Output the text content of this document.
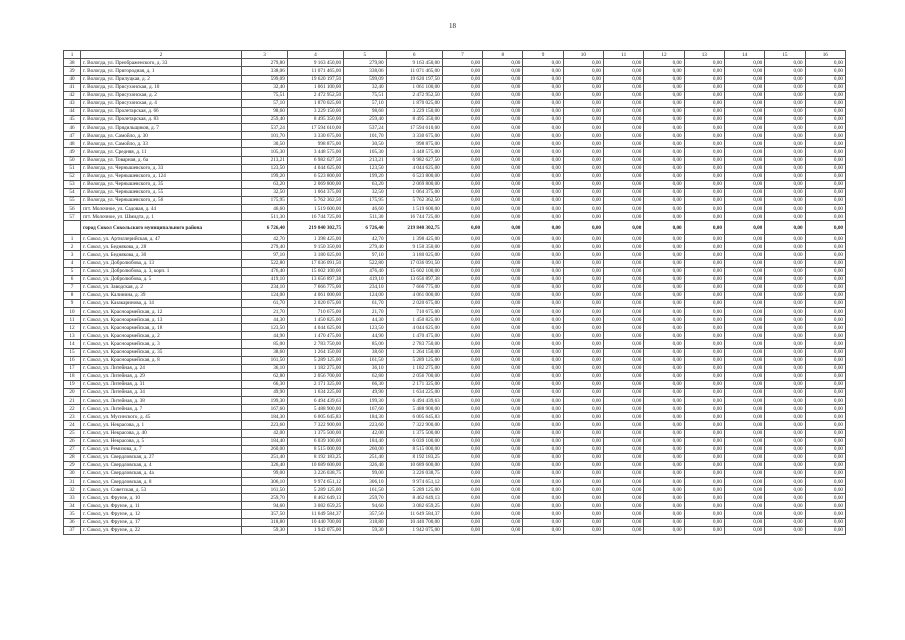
18
1	2	3	4	5	6	7	8	9	10	11	12	13	14	15	16
38	г. Вологда, ул. Преображенского, д. 33	279,80	9 163 450,00	279,80	9 163 450,00	0,00	0,00	0,00	0,00	0,00	0,00	0,00	0,00	0,00	0,00
39	г. Вологда, ул. Пригородная, д. 1	338,06	11 071 465,00	338,06	11 071 465,00	0,00	0,00	0,00	0,00	0,00	0,00	0,00	0,00	0,00	0,00
40	г. Вологда, ул. Прилуцкая, д. 2	599,09	19 620 197,50	599,09	19 620 197,50	0,00	0,00	0,00	0,00	0,00	0,00	0,00	0,00	0,00	0,00
41	г. Вологда, ул. Присухонская, д. 10	32,40	1 061 100,00	32,40	1 061 100,00	0,00	0,00	0,00	0,00	0,00	0,00	0,00	0,00	0,00	0,00
42	г. Вологда, ул. Присухонская, д. 2	75,51	2 472 952,50	75,51	2 472 952,50	0,00	0,00	0,00	0,00	0,00	0,00	0,00	0,00	0,00	0,00
43	г. Вологда, ул. Присухонская, д. 4	57,10	1 870 025,00	57,10	1 870 025,00	0,00	0,00	0,00	0,00	0,00	0,00	0,00	0,00	0,00	0,00
44	г. Вологда, ул. Пролетарская, д. 66	98,60	3 229 150,00	98,60	3 229 150,00	0,00	0,00	0,00	0,00	0,00	0,00	0,00	0,00	0,00	0,00
45	г. Вологда, ул. Пролетарская, д. 83	259,40	8 495 350,00	259,40	8 495 350,00	0,00	0,00	0,00	0,00	0,00	0,00	0,00	0,00	0,00	0,00
46	г. Вологда, ул. Прядильщиков, д. 7	537,24	17 594 610,00	537,24	17 594 610,00	0,00	0,00	0,00	0,00	0,00	0,00	0,00	0,00	0,00	0,00
47	г. Вологда, ул. Самойло, д. 30	101,70	3 330 675,00	101,70	3 330 675,00	0,00	0,00	0,00	0,00	0,00	0,00	0,00	0,00	0,00	0,00
48	г. Вологда, ул. Самойло, д. 33	30,50	998 875,00	30,50	998 875,00	0,00	0,00	0,00	0,00	0,00	0,00	0,00	0,00	0,00	0,00
49	г. Вологда, ул. Средняя, д. 11	105,30	3 448 575,00	105,30	3 448 575,00	0,00	0,00	0,00	0,00	0,00	0,00	0,00	0,00	0,00	0,00
50	г. Вологда, ул. Товарная, д. 6а	213,21	6 982 627,50	213,21	6 982 627,50	0,00	0,00	0,00	0,00	0,00	0,00	0,00	0,00	0,00	0,00
51	г. Вологда, ул. Чернышевского, д. 33	123,50	4 044 625,00	123,50	4 044 625,00	0,00	0,00	0,00	0,00	0,00	0,00	0,00	0,00	0,00	0,00
52	г. Вологда, ул. Чернышевского, д. 124	199,20	6 523 800,00	199,20	6 523 800,00	0,00	0,00	0,00	0,00	0,00	0,00	0,00	0,00	0,00	0,00
53	г. Вологда, ул. Чернышевского, д. 35	63,20	2 069 800,00	63,20	2 069 800,00	0,00	0,00	0,00	0,00	0,00	0,00	0,00	0,00	0,00	0,00
54	г. Вологда, ул. Чернышевского, д. 55	32,50	1 064 375,00	32,50	1 064 375,00	0,00	0,00	0,00	0,00	0,00	0,00	0,00	0,00	0,00	0,00
55	г. Вологда, ул. Чернышевского, д. 56	175,95	5 762 362,50	175,95	5 762 362,50	0,00	0,00	0,00	0,00	0,00	0,00	0,00	0,00	0,00	0,00
56	пгт. Молочное, ул. Садовая, д. 44	46,60	1 519 600,00	46,60	1 519 600,00	0,00	0,00	0,00	0,00	0,00	0,00	0,00	0,00	0,00	0,00
57	пгт. Молочное, ул. Шмидта, д. 1	511,30	16 744 725,00	511,30	16 744 725,00	0,00	0,00	0,00	0,00	0,00	0,00	0,00	0,00	0,00	0,00
	город Сокол Сокольского муниципального района	6 726,40	219 840 302,75	6 726,40	219 840 302,75	0,00	0,00	0,00	0,00	0,00	0,00	0,00	0,00	0,00	0,00
1	г. Сокол, ул. Артиллерийская, д. 47	42,70	1 398 425,00	42,70	1 398 425,00	0,00	0,00	0,00	0,00	0,00	0,00	0,00	0,00	0,00	0,00
2	г. Сокол, ул. Беднякова, д. 28	279,40	9 150 350,00	279,40	9 150 350,00	0,00	0,00	0,00	0,00	0,00	0,00	0,00	0,00	0,00	0,00
3	г. Сокол, ул. Беднякова, д. 30	97,10	3 180 025,00	97,10	3 180 025,00	0,00	0,00	0,00	0,00	0,00	0,00	0,00	0,00	0,00	0,00
4	г. Сокол, ул. Добролюбова, д. 13	522,80	17 036 091,50	522,80	17 036 091,50	0,00	0,00	0,00	0,00	0,00	0,00	0,00	0,00	0,00	0,00
5	г. Сокол, ул. Добролюбова, д. 3, корп. 1	476,40	15 602 100,00	476,40	15 602 100,00	0,00	0,00	0,00	0,00	0,00	0,00	0,00	0,00	0,00	0,00
6	г. Сокол, ул. Добролюбова, д. 5	419,10	13 656 897,38	419,10	13 656 897,38	0,00	0,00	0,00	0,00	0,00	0,00	0,00	0,00	0,00	0,00
7	г. Сокол, ул. Заводская, д. 2	234,10	7 666 775,00	234,10	7 666 775,00	0,00	0,00	0,00	0,00	0,00	0,00	0,00	0,00	0,00	0,00
8	г. Сокол, ул. Калинина, д. 39	124,00	4 061 000,00	124,00	4 061 000,00	0,00	0,00	0,00	0,00	0,00	0,00	0,00	0,00	0,00	0,00
9	г. Сокол, ул. Казакаринова, д. 14	61,70	2 020 675,00	61,70	2 020 675,00	0,00	0,00	0,00	0,00	0,00	0,00	0,00	0,00	0,00	0,00
10	г. Сокол, ул. Красноармейская, д. 12	21,70	710 675,00	21,70	710 675,00	0,00	0,00	0,00	0,00	0,00	0,00	0,00	0,00	0,00	0,00
11	г. Сокол, ул. Красноармейская, д. 13	44,30	1 450 825,00	44,30	1 450 825,00	0,00	0,00	0,00	0,00	0,00	0,00	0,00	0,00	0,00	0,00
12	г. Сокол, ул. Красноармейская, д. 18	123,50	4 044 625,00	123,50	4 044 625,00	0,00	0,00	0,00	0,00	0,00	0,00	0,00	0,00	0,00	0,00
13	г. Сокол, ул. Красноармейская, д. 2	44,90	1 470 475,00	44,90	1 470 475,00	0,00	0,00	0,00	0,00	0,00	0,00	0,00	0,00	0,00	0,00
14	г. Сокол, ул. Красноармейская, д. 3	85,00	2 783 750,00	85,00	2 783 750,00	0,00	0,00	0,00	0,00	0,00	0,00	0,00	0,00	0,00	0,00
15	г. Сокол, ул. Красноармейская, д. 35	38,60	1 264 150,00	38,60	1 264 150,00	0,00	0,00	0,00	0,00	0,00	0,00	0,00	0,00	0,00	0,00
16	г. Сокол, ул. Красноармейская, д. 8	161,50	5 289 125,00	161,50	5 289 125,00	0,00	0,00	0,00	0,00	0,00	0,00	0,00	0,00	0,00	0,00
17	г. Сокол, ул. Литейная, д. 24	36,10	1 182 275,00	36,10	1 182 275,00	0,00	0,00	0,00	0,00	0,00	0,00	0,00	0,00	0,00	0,00
18	г. Сокол, ул. Литейная, д. 29	62,80	2 056 700,00	62,80	2 056 700,00	0,00	0,00	0,00	0,00	0,00	0,00	0,00	0,00	0,00	0,00
19	г. Сокол, ул. Литейная, д. 31	66,30	2 171 325,00	66,30	2 171 325,00	0,00	0,00	0,00	0,00	0,00	0,00	0,00	0,00	0,00	0,00
20	г. Сокол, ул. Литейная, д. 34	49,90	1 634 225,00	49,90	1 634 225,00	0,00	0,00	0,00	0,00	0,00	0,00	0,00	0,00	0,00	0,00
21	г. Сокол, ул. Литейная, д. 38	199,30	6 494 439,63	199,30	6 494 439,63	0,00	0,00	0,00	0,00	0,00	0,00	0,00	0,00	0,00	0,00
22	г. Сокол, ул. Литейная, д. 7	167,60	5 488 900,00	167,60	5 488 900,00	0,00	0,00	0,00	0,00	0,00	0,00	0,00	0,00	0,00	0,00
23	г. Сокол, ул. Мусинского, д. 45	184,30	6 005 645,83	184,30	6 005 645,83	0,00	0,00	0,00	0,00	0,00	0,00	0,00	0,00	0,00	0,00
24	г. Сокол, ул. Некрасова, д. 1	223,60	7 322 900,00	223,60	7 322 900,00	0,00	0,00	0,00	0,00	0,00	0,00	0,00	0,00	0,00	0,00
25	г. Сокол, ул. Некрасова, д. 40	42,00	1 375 500,00	42,00	1 375 500,00	0,00	0,00	0,00	0,00	0,00	0,00	0,00	0,00	0,00	0,00
26	г. Сокол, ул. Некрасова, д. 5	184,40	6 039 100,00	184,40	6 039 100,00	0,00	0,00	0,00	0,00	0,00	0,00	0,00	0,00	0,00	0,00
27	г. Сокол, ул. Ремизова, д. 7	260,00	8 515 000,00	260,00	8 515 000,00	0,00	0,00	0,00	0,00	0,00	0,00	0,00	0,00	0,00	0,00
28	г. Сокол, ул. Свердловская, д. 27	251,40	8 192 183,25	251,40	8 192 183,25	0,00	0,00	0,00	0,00	0,00	0,00	0,00	0,00	0,00	0,00
29	г. Сокол, ул. Свердловская, д. 4	326,40	10 689 600,00	326,40	10 689 600,00	0,00	0,00	0,00	0,00	0,00	0,00	0,00	0,00	0,00	0,00
30	г. Сокол, ул. Свердловская, д. 4а	99,00	3 226 038,75	99,00	3 226 038,75	0,00	0,00	0,00	0,00	0,00	0,00	0,00	0,00	0,00	0,00
31	г. Сокол, ул. Свердловская, д. 8	306,10	9 974 651,12	306,10	9 974 651,12	0,00	0,00	0,00	0,00	0,00	0,00	0,00	0,00	0,00	0,00
32	г. Сокол, ул. Советская, д. 53	161,50	5 289 125,00	161,50	5 289 125,00	0,00	0,00	0,00	0,00	0,00	0,00	0,00	0,00	0,00	0,00
33	г. Сокол, ул. Фрунзе, д. 10	259,70	8 462 649,13	259,70	8 462 649,13	0,00	0,00	0,00	0,00	0,00	0,00	0,00	0,00	0,00	0,00
34	г. Сокол, ул. Фрунзе, д. 11	94,60	3 082 659,25	94,60	3 082 659,25	0,00	0,00	0,00	0,00	0,00	0,00	0,00	0,00	0,00	0,00
35	г. Сокол, ул. Фрунзе, д. 12	357,50	11 649 584,37	357,50	11 649 584,37	0,00	0,00	0,00	0,00	0,00	0,00	0,00	0,00	0,00	0,00
36	г. Сокол, ул. Фрунзе, д. 17	318,80	10 440 700,00	318,80	10 440 700,00	0,00	0,00	0,00	0,00	0,00	0,00	0,00	0,00	0,00	0,00
37	г. Сокол, ул. Фрунзе, д. 22	59,30	1 942 075,00	59,30	1 942 075,00	0,00	0,00	0,00	0,00	0,00	0,00	0,00	0,00	0,00	0,00
